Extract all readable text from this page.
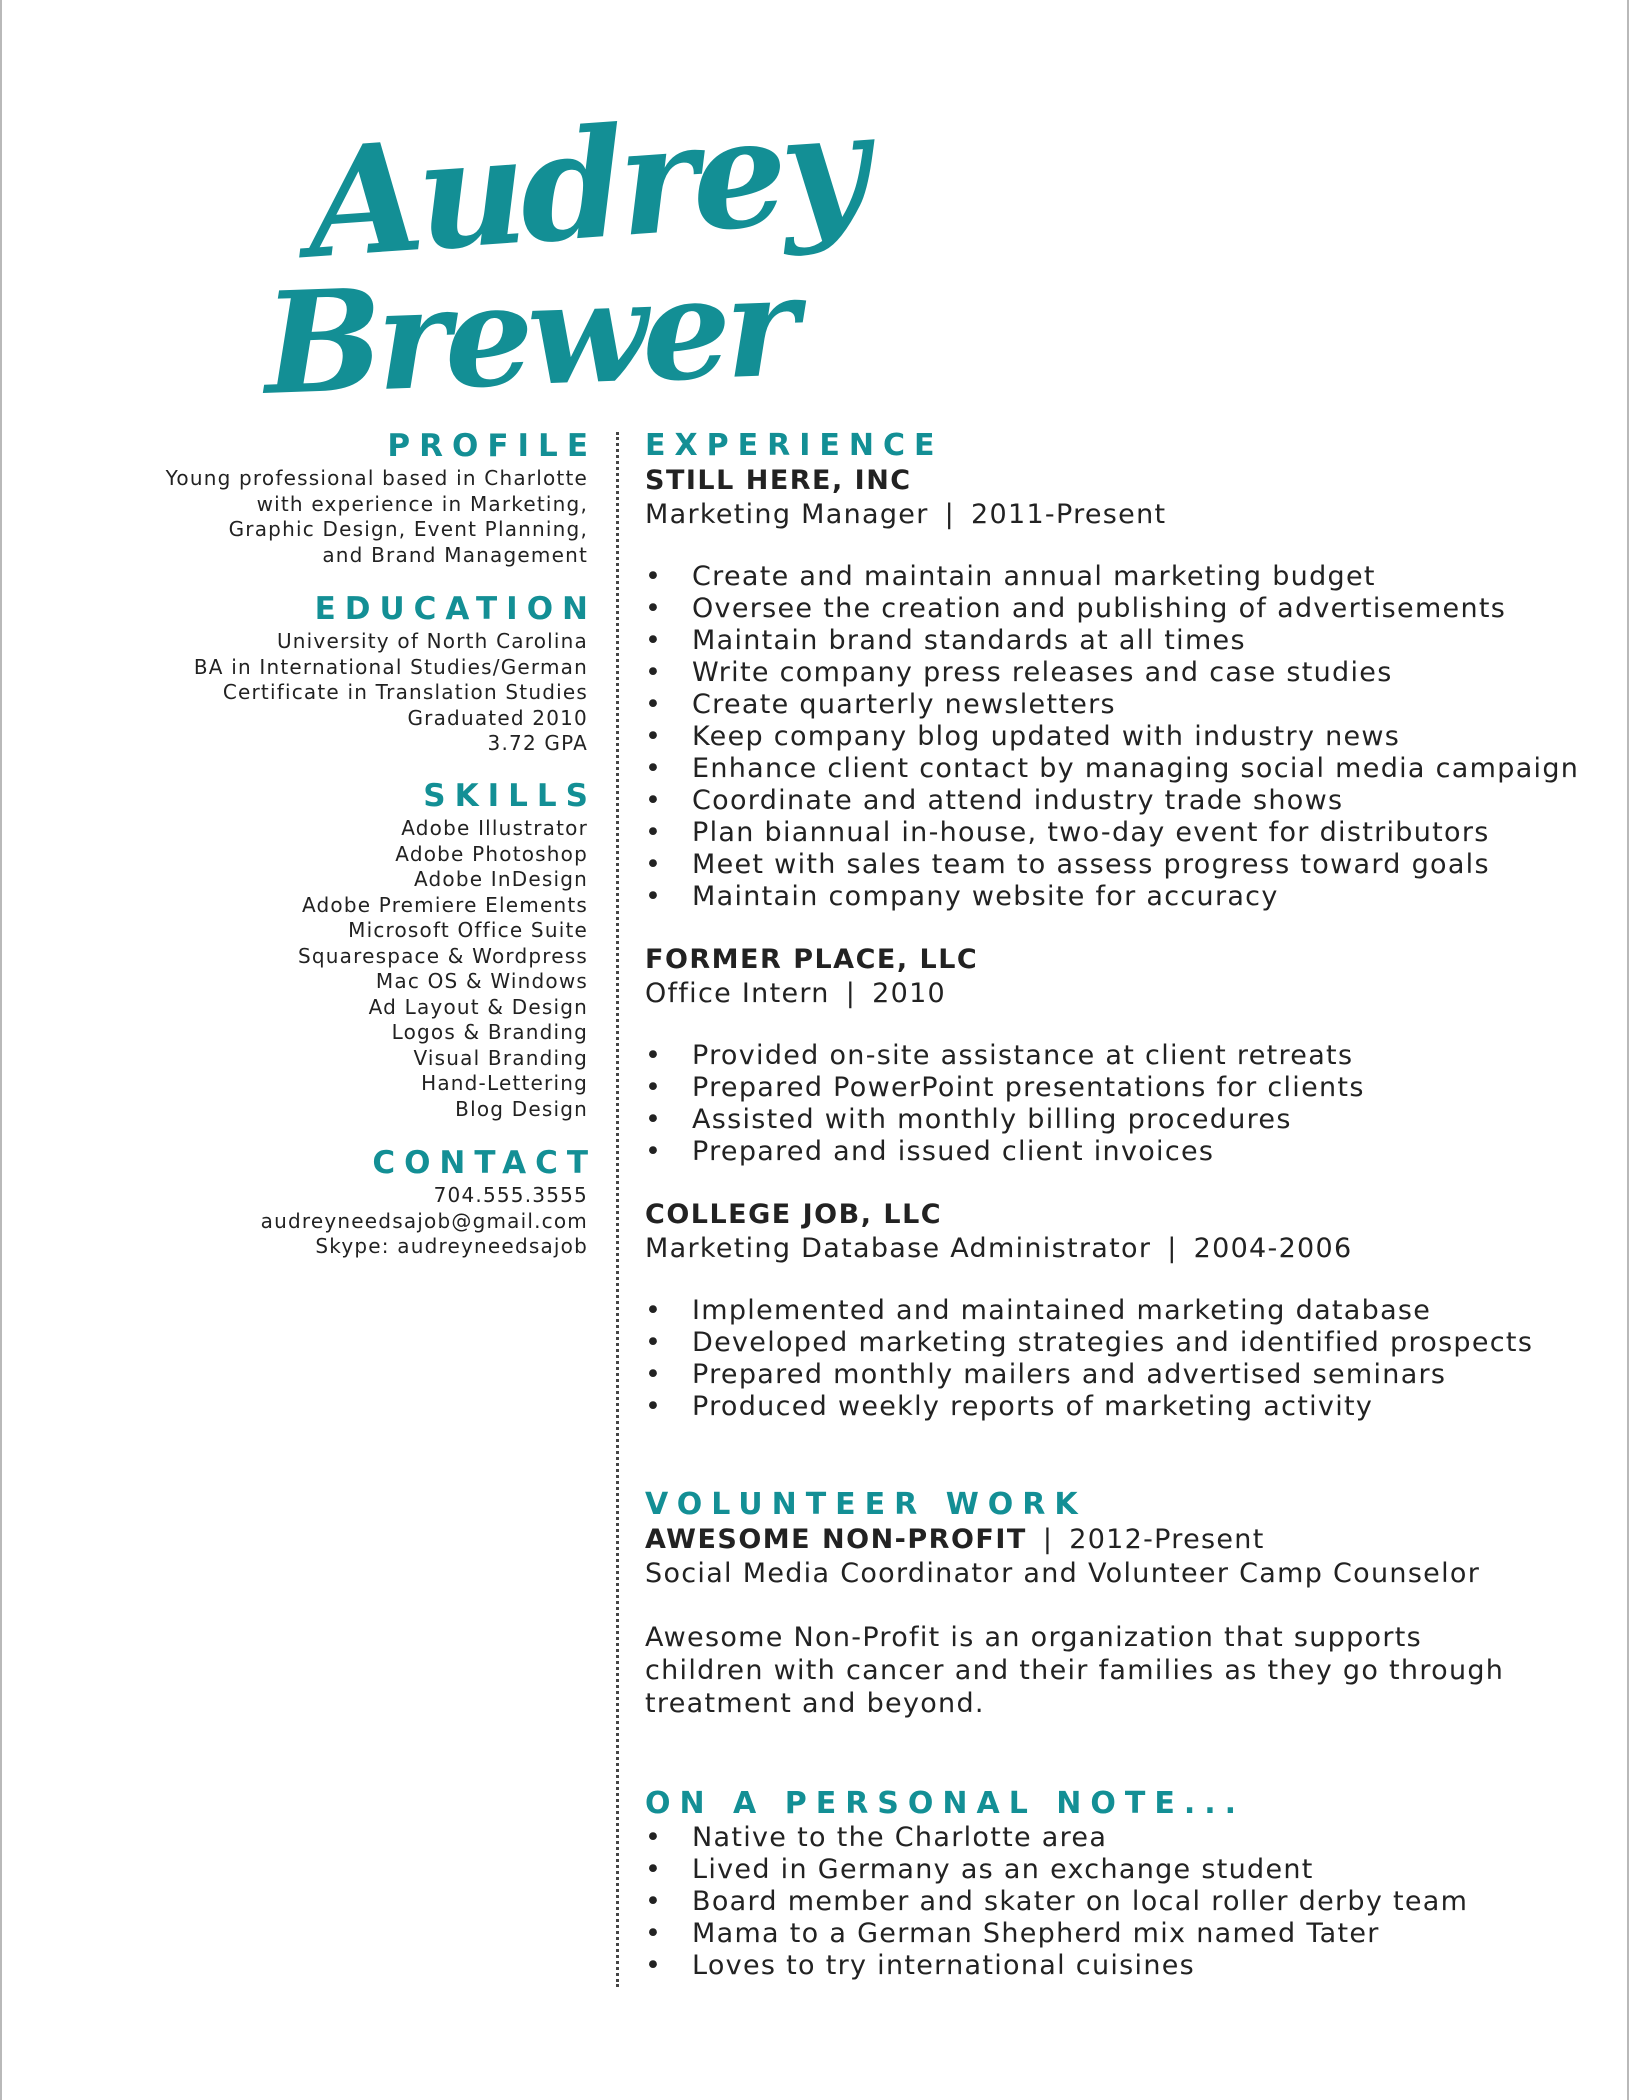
Audrey
Brewer
PROFILE
Young professional based in Charlotte
with experience in Marketing,
Graphic Design, Event Planning,
and Brand Management
EDUCATION
University of North Carolina
BA in International Studies/German
Certificate in Translation Studies
Graduated 2010
3.72 GPA
SKILLS
Adobe Illustrator
Adobe Photoshop
Adobe InDesign
Adobe Premiere Elements
Microsoft Office Suite
Squarespace & Wordpress
Mac OS & Windows
Ad Layout & Design
Logos & Branding
Visual Branding
Hand-Lettering
Blog Design
CONTACT
704.555.3555
audreyneedsajob@gmail.com
Skype: audreyneedsajob
EXPERIENCE
STILL HERE, INC
Marketing Manager | 2011-Present
• Create and maintain annual marketing budget
• Oversee the creation and publishing of advertisements
• Maintain brand standards at all times
• Write company press releases and case studies
• Create quarterly newsletters
• Keep company blog updated with industry news
• Enhance client contact by managing social media campaign
• Coordinate and attend industry trade shows
• Plan biannual in-house, two-day event for distributors
• Meet with sales team to assess progress toward goals
• Maintain company website for accuracy
FORMER PLACE, LLC
Office Intern | 2010
• Provided on-site assistance at client retreats
• Prepared PowerPoint presentations for clients
• Assisted with monthly billing procedures
• Prepared and issued client invoices
COLLEGE JOB, LLC
Marketing Database Administrator | 2004-2006
• Implemented and maintained marketing database
• Developed marketing strategies and identified prospects
• Prepared monthly mailers and advertised seminars
• Produced weekly reports of marketing activity
VOLUNTEER WORK
AWESOME NON-PROFIT | 2012-Present
Social Media Coordinator and Volunteer Camp Counselor

Awesome Non-Profit is an organization that supports

children with cancer and their families as they go through

treatment and beyond.

ON A PERSONAL NOTE...
• Native to the Charlotte area
• Lived in Germany as an exchange student
• Board member and skater on local roller derby team
• Mama to a German Shepherd mix named Tater
• Loves to try international cuisines
